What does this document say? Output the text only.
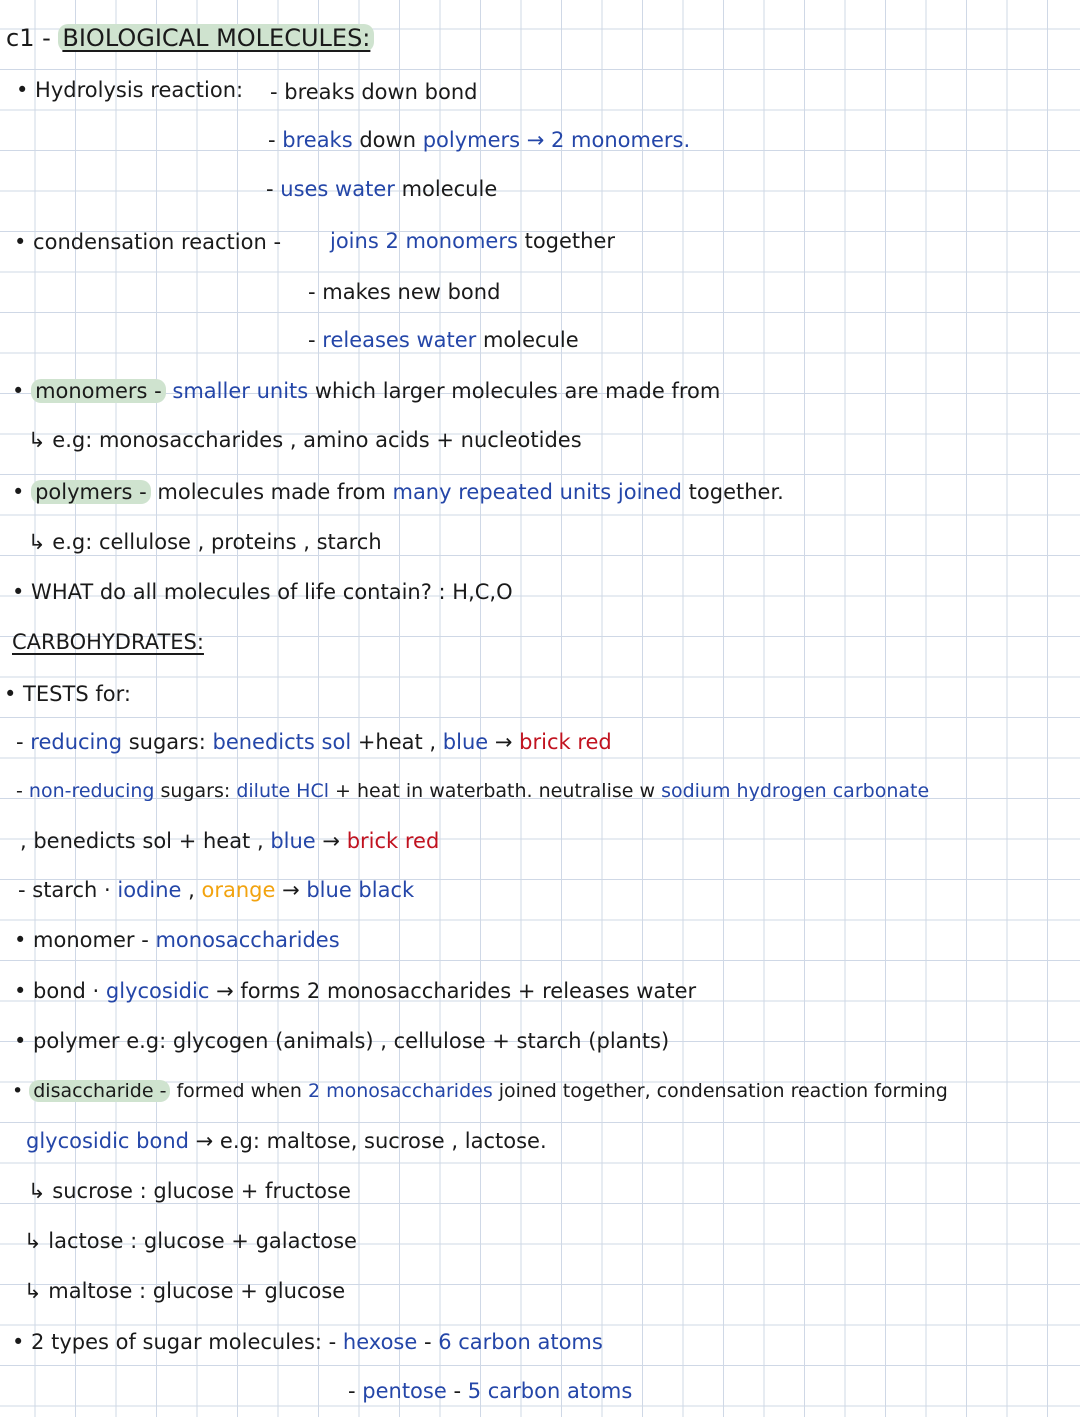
c1 - BIOLOGICAL MOLECULES:
• Hydrolysis reaction: - breaks down bond
- breaks down polymers → 2 monomers.
- uses water molecule
• condensation reaction - joins 2 monomers together
- makes new bond
- releases water molecule
• monomers - smaller units which larger molecules are made from
↳ e.g: monosaccharides , amino acids + nucleotides
• polymers - molecules made from many repeated units joined together.
↳ e.g: cellulose , proteins , starch
• WHAT do all molecules of life contain? : H,C,O
CARBOHYDRATES:
• TESTS for:
- reducing sugars: benedicts sol +heat , blue → brick red
- non-reducing sugars: dilute HCl + heat in waterbath. neutralise w sodium hydrogen carbonate
, benedicts sol + heat , blue → brick red
- starch · iodine , orange → blue black
• monomer - monosaccharides
• bond · glycosidic → forms 2 monosaccharides + releases water
• polymer e.g: glycogen (animals) , cellulose + starch (plants)
• disaccharide - formed when 2 monosaccharides joined together, condensation reaction forming
glycosidic bond → e.g: maltose, sucrose , lactose.
↳ sucrose : glucose + fructose
↳ lactose : glucose + galactose
↳ maltose : glucose + glucose
• 2 types of sugar molecules: - hexose - 6 carbon atoms
- pentose - 5 carbon atoms
